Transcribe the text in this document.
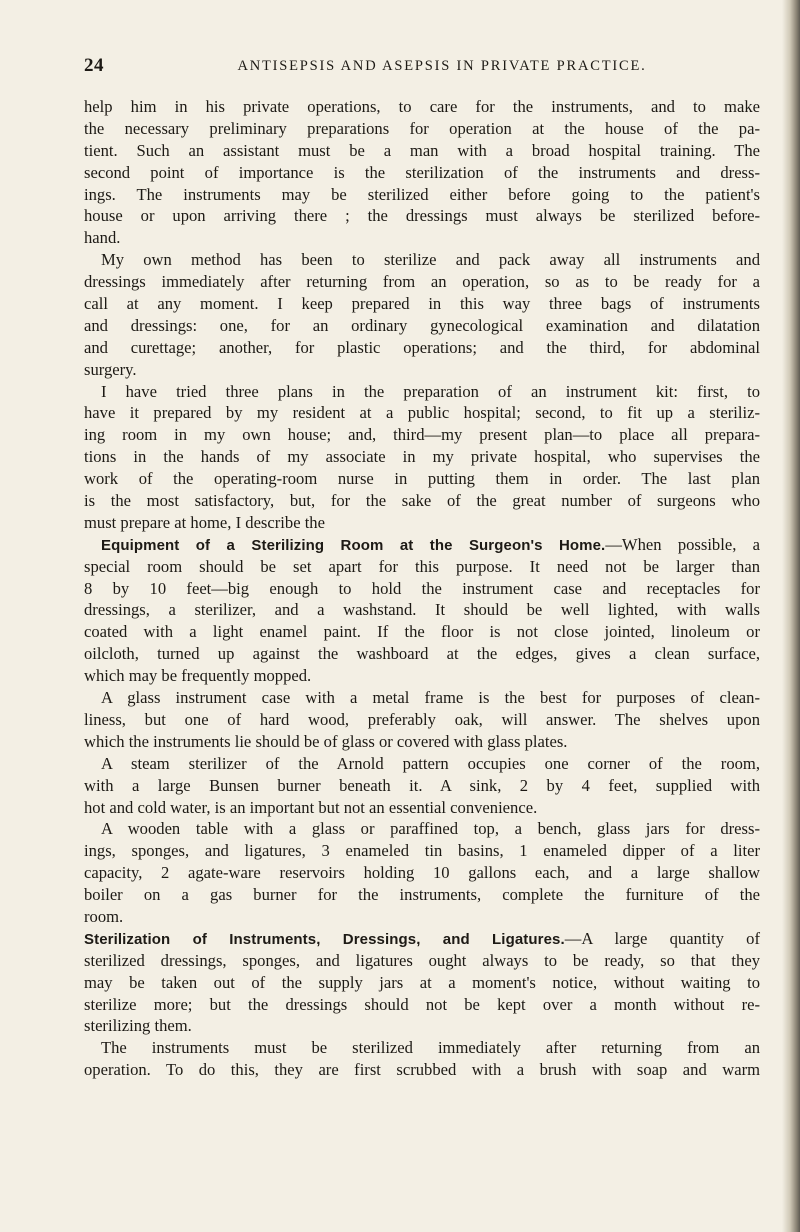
24	ANTISEPSIS AND ASEPSIS IN PRIVATE PRACTICE.
help him in his private operations, to care for the instruments, and to make
the necessary preliminary preparations for operation at the house of the pa-
tient. Such an assistant must be a man with a broad hospital training. The
second point of importance is the sterilization of the instruments and dress-
ings. The instruments may be sterilized either before going to the patient's
house or upon arriving there ; the dressings must always be sterilized before-
hand.
My own method has been to sterilize and pack away all instruments and
dressings immediately after returning from an operation, so as to be ready for a
call at any moment. I keep prepared in this way three bags of instruments
and dressings: one, for an ordinary gynecological examination and dilatation
and curettage; another, for plastic operations; and the third, for abdominal
surgery.
I have tried three plans in the preparation of an instrument kit: first, to
have it prepared by my resident at a public hospital; second, to fit up a steriliz-
ing room in my own house; and, third—my present plan—to place all prepara-
tions in the hands of my associate in my private hospital, who supervises the
work of the operating-room nurse in putting them in order. The last plan
is the most satisfactory, but, for the sake of the great number of surgeons who
must prepare at home, I describe the
Equipment of a Sterilizing Room at the Surgeon's Home.—When possible, a
special room should be set apart for this purpose. It need not be larger than
8 by 10 feet—big enough to hold the instrument case and receptacles for
dressings, a sterilizer, and a washstand. It should be well lighted, with walls
coated with a light enamel paint. If the floor is not close jointed, linoleum or
oilcloth, turned up against the washboard at the edges, gives a clean surface,
which may be frequently mopped.
A glass instrument case with a metal frame is the best for purposes of clean-
liness, but one of hard wood, preferably oak, will answer. The shelves upon
which the instruments lie should be of glass or covered with glass plates.
A steam sterilizer of the Arnold pattern occupies one corner of the room,
with a large Bunsen burner beneath it. A sink, 2 by 4 feet, supplied with
hot and cold water, is an important but not an essential convenience.
A wooden table with a glass or paraffined top, a bench, glass jars for dress-
ings, sponges, and ligatures, 3 enameled tin basins, 1 enameled dipper of a liter
capacity, 2 agate-ware reservoirs holding 10 gallons each, and a large shallow
boiler on a gas burner for the instruments, complete the furniture of the
room.
Sterilization of Instruments, Dressings, and Ligatures.—A large quantity of
sterilized dressings, sponges, and ligatures ought always to be ready, so that they
may be taken out of the supply jars at a moment's notice, without waiting to
sterilize more; but the dressings should not be kept over a month without re-
sterilizing them.
The instruments must be sterilized immediately after returning from an
operation. To do this, they are first scrubbed with a brush with soap and warm
